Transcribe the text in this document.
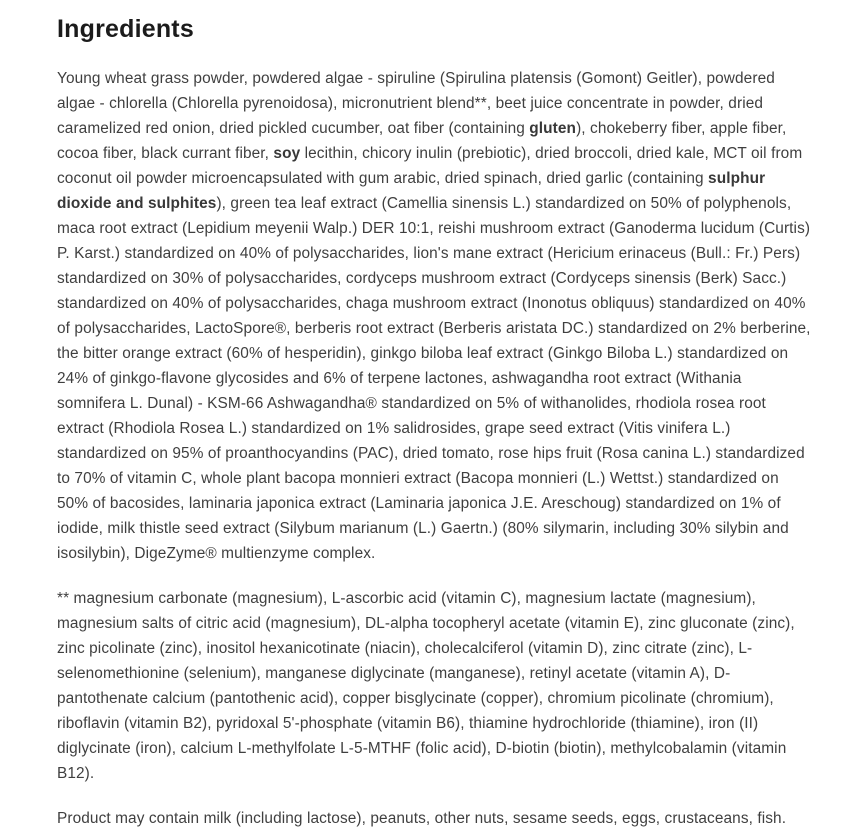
Ingredients

Young wheat grass powder, powdered algae - spiruline (Spirulina platensis (Gomont) Geitler), powdered algae - chlorella (Chlorella pyrenoidosa), micronutrient blend**, beet juice concentrate in powder, dried caramelized red onion, dried pickled cucumber, oat fiber (containing gluten), chokeberry fiber, apple fiber, cocoa fiber, black currant fiber, soy lecithin, chicory inulin (prebiotic), dried broccoli, dried kale, MCT oil from coconut oil powder microencapsulated with gum arabic, dried spinach, dried garlic (containing sulphur dioxide and sulphites), green tea leaf extract (Camellia sinensis L.) standardized on 50% of polyphenols, maca root extract (Lepidium meyenii Walp.) DER 10:1, reishi mushroom extract (Ganoderma lucidum (Curtis) P. Karst.) standardized on 40% of polysaccharides, lion's mane extract (Hericium erinaceus (Bull.: Fr.) Pers) standardized on 30% of polysaccharides, cordyceps mushroom extract (Cordyceps sinensis (Berk) Sacc.) standardized on 40% of polysaccharides, chaga mushroom extract (Inonotus obliquus) standardized on 40% of polysaccharides, LactoSpore®, berberis root extract (Berberis aristata DC.) standardized on 2% berberine, the bitter orange extract (60% of hesperidin), ginkgo biloba leaf extract (Ginkgo Biloba L.) standardized on 24% of ginkgo-flavone glycosides and 6% of terpene lactones, ashwagandha root extract (Withania somnifera L. Dunal) - KSM-66 Ashwagandha® standardized on 5% of withanolides, rhodiola rosea root extract (Rhodiola Rosea L.) standardized on 1% salidrosides, grape seed extract (Vitis vinifera L.) standardized on 95% of proanthocyandins (PAC), dried tomato, rose hips fruit (Rosa canina L.) standardized to 70% of vitamin C, whole plant bacopa monnieri extract (Bacopa monnieri (L.) Wettst.) standardized on 50% of bacosides, laminaria japonica extract (Laminaria japonica J.E. Areschoug) standardized on 1% of iodide, milk thistle seed extract (Silybum marianum (L.) Gaertn.) (80% silymarin, including 30% silybin and isosilybin), DigeZyme® multienzyme complex.

** magnesium carbonate (magnesium), L-ascorbic acid (vitamin C), magnesium lactate (magnesium), magnesium salts of citric acid (magnesium), DL-alpha tocopheryl acetate (vitamin E), zinc gluconate (zinc), zinc picolinate (zinc), inositol hexanicotinate (niacin), cholecalciferol (vitamin D), zinc citrate (zinc), L-selenomethionine (selenium), manganese diglycinate (manganese), retinyl acetate (vitamin A), D-pantothenate calcium (pantothenic acid), copper bisglycinate (copper), chromium picolinate (chromium), riboflavin (vitamin B2), pyridoxal 5'-phosphate (vitamin B6), thiamine hydrochloride (thiamine), iron (II) diglycinate (iron), calcium L-methylfolate L-5-MTHF (folic acid), D-biotin (biotin), methylcobalamin (vitamin B12).

Product may contain milk (including lactose), peanuts, other nuts, sesame seeds, eggs, crustaceans, fish.
